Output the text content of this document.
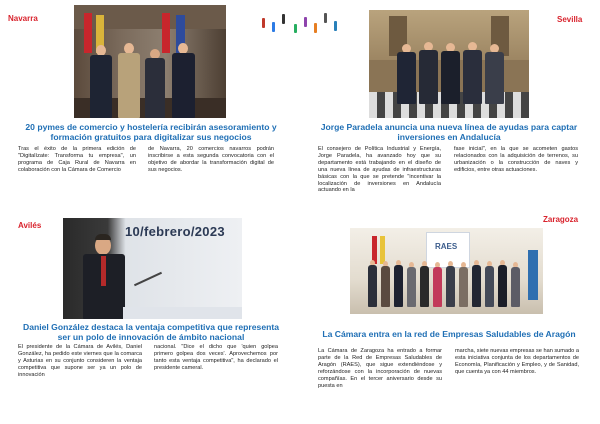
Navarra
20 pymes de comercio y hostelería recibirán asesoramiento y formación gratuitos para digitalizar sus negocios
Tras el éxito de la primera edición de "Digitalízate: Transforma tu empresa", un programa de Caja Rural de Navarra en colaboración con la Cámara de Comercio
de Navarra, 20 comercios navarros podrán inscribirse a esta segunda convocatoria con el objetivo de abordar la transformación digital de sus negocios.
Sevilla
Jorge Paradela anuncia una nueva línea de ayudas para captar inversiones en Andalucía
El consejero de Política Industrial y Energía, Jorge Paradela, ha avanzado hoy que su departamento está trabajando en el diseño de una nueva línea de ayudas de infraestructuras básicas con la que se pretende "incentivar la localización de inversiones en Andalucía actuando en la
fase inicial", en la que se acometen gastos relacionados con la adquisición de terrenos, su urbanización o la construcción de naves y edificios, entre otras actuaciones.
Avilés	10/febrero/2023
Daniel González destaca la ventaja competitiva que representa ser un polo de innovación de ámbito nacional
El presidente de la Cámara de Avilés, Daniel González, ha pedido este viernes que la comarca y Asturias en su conjunto consideren la ventaja competitiva que supone ser ya un polo de innovación
nacional. "Dice el dicho que 'quien golpea primero golpea dos veces'. Aprovechemos por tanto esta ventaja competitiva", ha declarado el presidente cameral.
Zaragoza
RAES
La Cámara entra en la red de Empresas Saludables de Aragón
La Cámara de Zaragoza ha entrado a formar parte de la Red de Empresas Saludables de Aragón (RAES), que sigue extendiéndose y reforzándose con la incorporación de nuevas compañías. En el tercer aniversario desde su puesta en
marcha, siete nuevas empresas se han sumado a esta iniciativa conjunta de los departamentos de Economía, Planificación y Empleo, y de Sanidad, que cuenta ya con 44 miembros.
